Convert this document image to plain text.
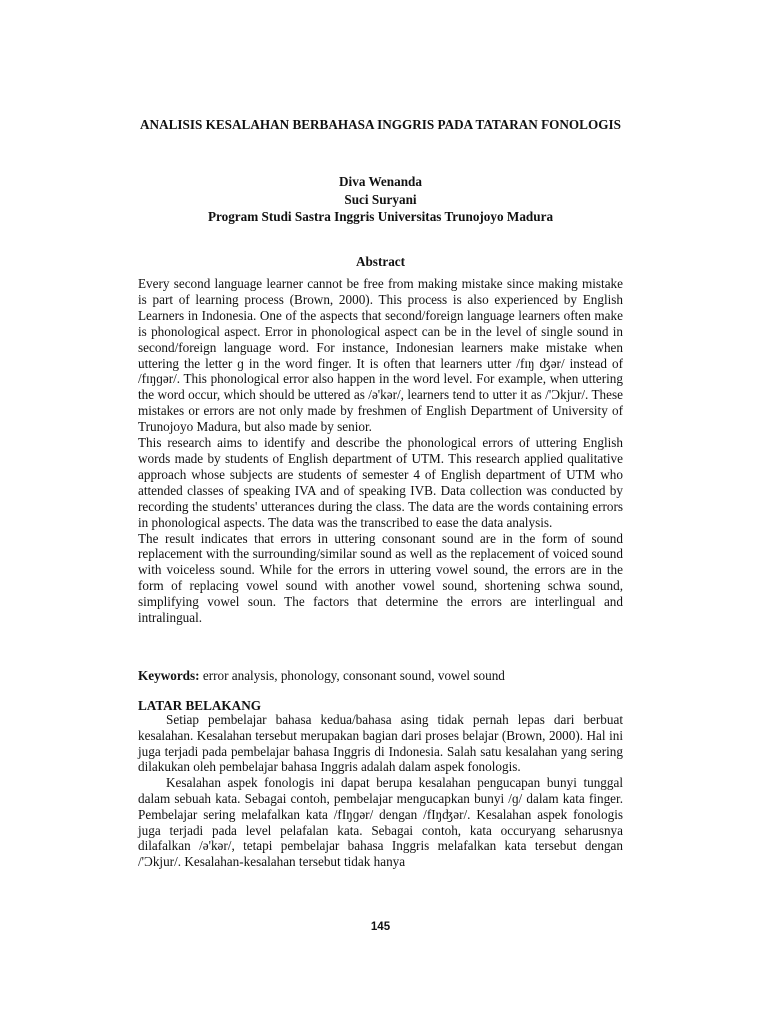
ANALISIS KESALAHAN BERBAHASA INGGRIS PADA TATARAN FONOLOGIS
Diva Wenanda
Suci Suryani
Program Studi Sastra Inggris Universitas Trunojoyo Madura
Abstract

Every second language learner cannot be free from making mistake since making mistake is part of learning process (Brown, 2000). This process is also experienced by English Learners in Indonesia. One of the aspects that second/foreign language learners often make is phonological aspect. Error in phonological aspect can be in the level of single sound in second/foreign language word. For instance, Indonesian learners make mistake when uttering the letter ɡ in the word finger. It is often that learners utter /fɪŋ ʤər/ instead of /fɪŋɡər/. This phonological error also happen in the word level. For example, when uttering the word occur, which should be uttered as /ə'kər/, learners tend to utter it as /'Ɔkjur/. These mistakes or errors are not only made by freshmen of English Department of University of Trunojoyo Madura, but also made by senior.

This research aims to identify and describe the phonological errors of uttering English words made by students of English department of UTM. This research applied qualitative approach whose subjects are students of semester 4 of English department of UTM who attended classes of speaking IVA and of speaking IVB. Data collection was conducted by recording the students' utterances during the class. The data are the words containing errors in phonological aspects. The data was the transcribed to ease the data analysis.

The result indicates that errors in uttering consonant sound are in the form of sound replacement with the surrounding/similar sound as well as the replacement of voiced sound with voiceless sound. While for the errors in uttering vowel sound, the errors are in the form of replacing vowel sound with another vowel sound, shortening schwa sound, simplifying vowel soun. The factors that determine the errors are interlingual and intralingual.

Keywords: error analysis, phonology, consonant sound, vowel sound
LATAR BELAKANG

Setiap pembelajar bahasa kedua/bahasa asing tidak pernah lepas dari berbuat kesalahan. Kesalahan tersebut merupakan bagian dari proses belajar (Brown, 2000). Hal ini juga terjadi pada pembelajar bahasa Inggris di Indonesia. Salah satu kesalahan yang sering dilakukan oleh pembelajar bahasa Inggris adalah dalam aspek fonologis.

Kesalahan aspek fonologis ini dapat berupa kesalahan pengucapan bunyi tunggal dalam sebuah kata. Sebagai contoh, pembelajar mengucapkan bunyi /ɡ/ dalam kata finger. Pembelajar sering melafalkan kata /fIŋɡər/ dengan /fIŋʤər/. Kesalahan aspek fonologis juga terjadi pada level pelafalan kata. Sebagai contoh, kata occuryang seharusnya dilafalkan /ə'kər/, tetapi pembelajar bahasa Inggris melafalkan kata tersebut dengan /'Ɔkjur/. Kesalahan-kesalahan tersebut tidak hanya

145
